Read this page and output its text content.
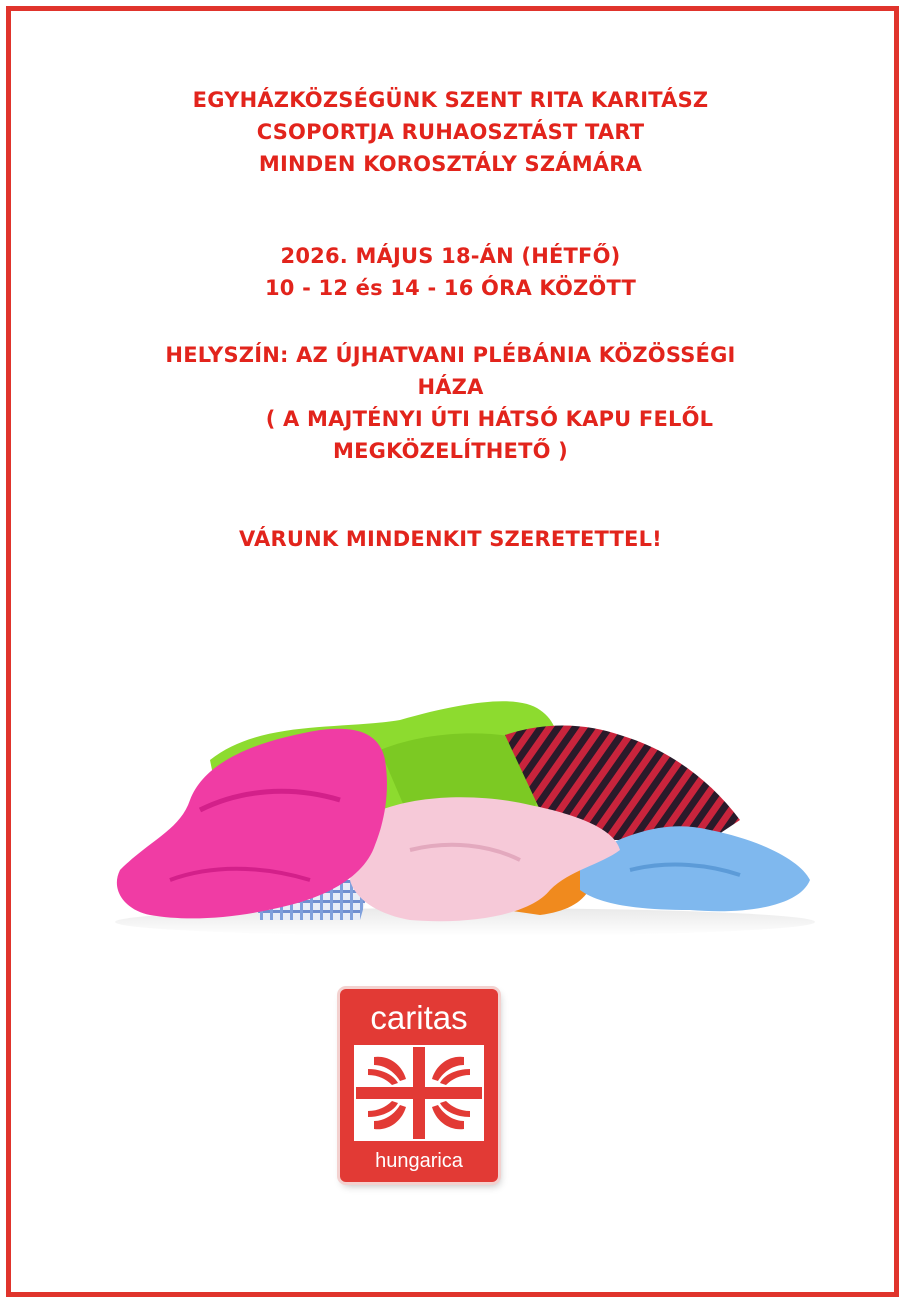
EGYHÁZKÖZSÉGÜNK SZENT RITA KARITÁSZ
CSOPORTJA RUHAOSZTÁST TART
MINDEN KOROSZTÁLY SZÁMÁRA
2026. MÁJUS 18-ÁN (HÉTFŐ)
10 - 12 és 14 - 16 ÓRA KÖZÖTT
HELYSZÍN: AZ ÚJHATVANI PLÉBÁNIA KÖZÖSSÉGI
HÁZA
( A MAJTÉNYI ÚTI HÁTSÓ KAPU FELŐL
MEGKÖZELÍTHETŐ )
VÁRUNK MINDENKIT SZERETETTEL!
caritas
hungarica
